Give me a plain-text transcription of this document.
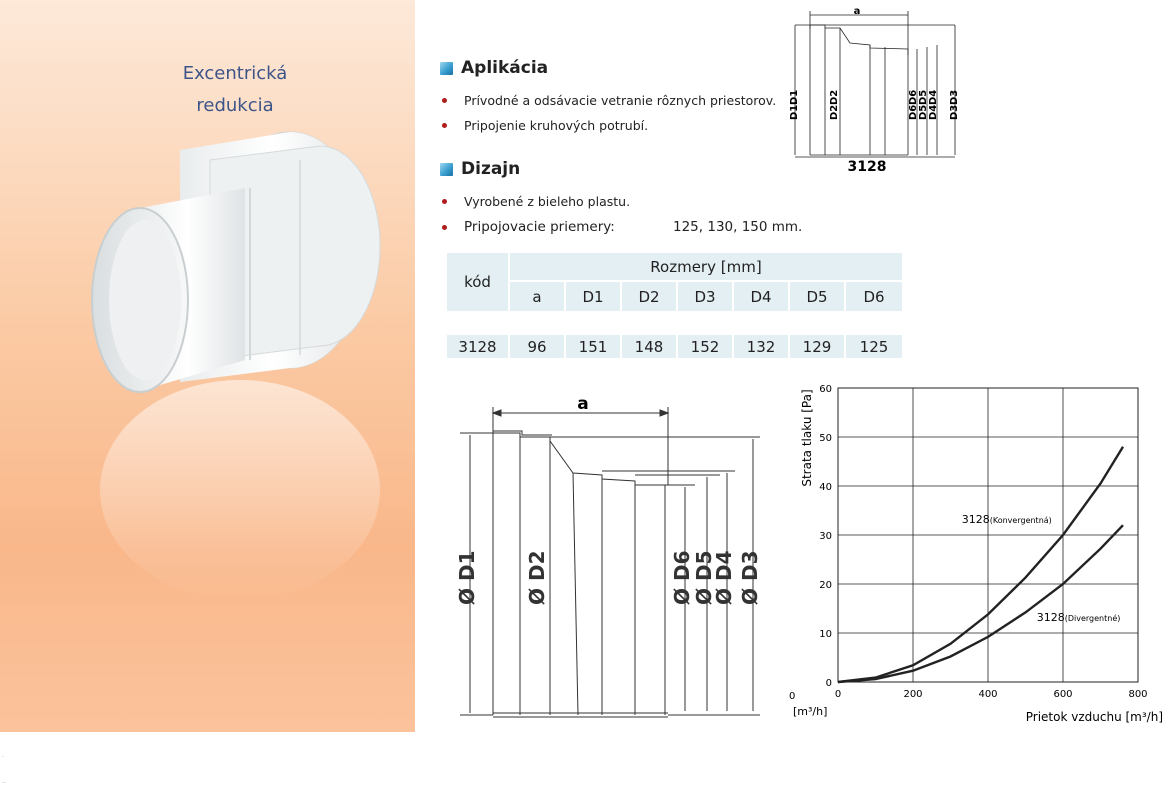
Excentrická
redukcia
Aplikácia
Prívodné a odsávacie vetranie rôznych priestorov.
Pripojenie kruhových potrubí.
Dizajn
Vyrobené z bieleho plastu.
Pripojovacie priemery:	125, 130, 150 mm.
kód	Rozmery [mm]						
	a	D1	D2	D3	D4	D5	D6

3128	96	151	148	152	132	129	125
a
3128
D1
D1
D2
D2
D6
D6
D5
D5
D4
D4
D3
D3
a
Ø D1 Ø D2	Ø D6
Ø D5
Ø D4 Ø D3
0
10
20
30
40
50
60
0	200	400	600	800
3128(Konvergentná)
3128(Divergentné)
Strata tlaku [Pa]
Prietok vzduchu [m³/h]
[m³/h]
0
.
..
